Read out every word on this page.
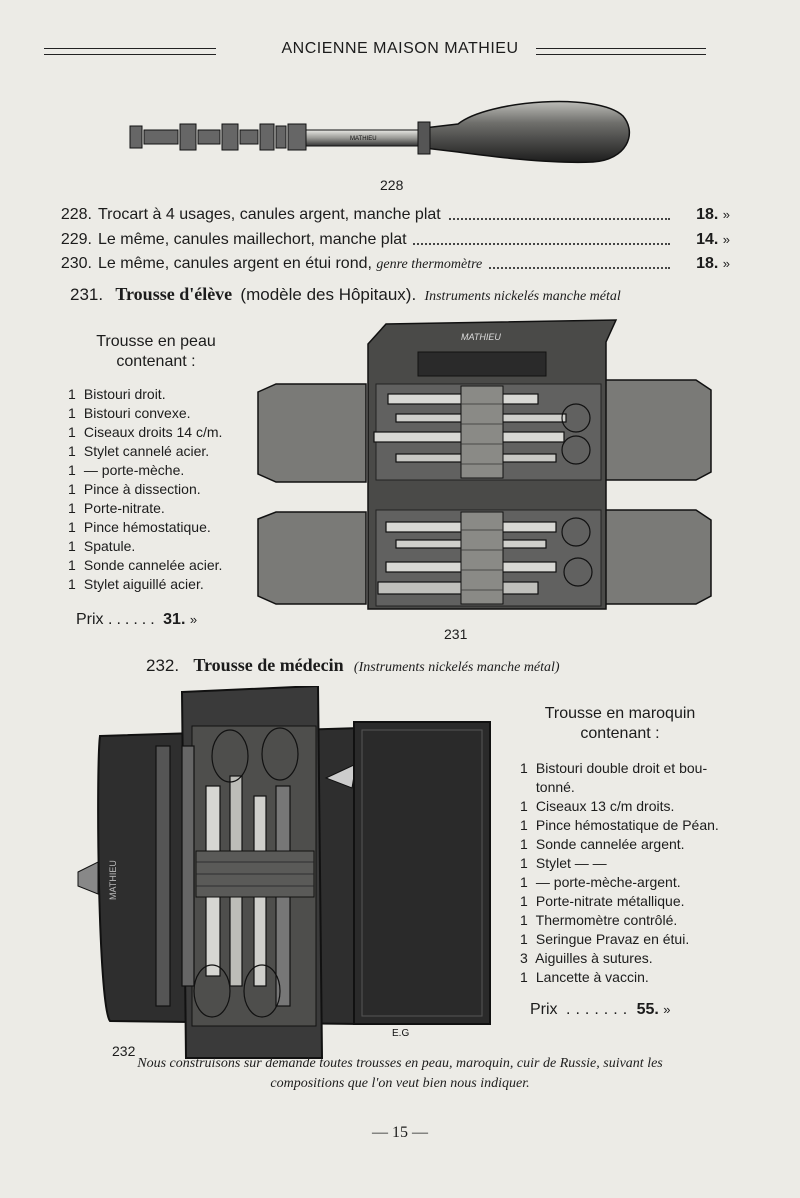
ANCIENNE MAISON MATHIEU
MATHIEU
228
228. Trocart à 4 usages, canules argent, manche plat	18. »
229. Le même, canules maillechort, manche plat	14. »
230. Le même, canules argent en étui rond, genre thermomètre	18. »
231. Trousse d'élève (modèle des Hôpitaux). Instruments nickelés manche métal
Trousse en peau
contenant :
1 Bistouri droit.
1 Bistouri convexe.
1 Ciseaux droits 14 c/m.
1 Stylet cannelé acier.
1 — porte-mèche.
1 Pince à dissection.
1 Porte-nitrate.
1 Pince hémostatique.
1 Spatule.
1 Sonde cannelée acier.
1 Stylet aiguillé acier.
Prix ...... 31. »
MATHIEU
231
232. Trousse de médecin (Instruments nickelés manche métal)
MATHIEU
E.G
232
Trousse en maroquin
contenant :
1 Bistouri double droit et bou-
tonné.
1 Ciseaux 13 c/m droits.
1 Pince hémostatique de Péan.
1 Sonde cannelée argent.
1 Stylet — —
1 — porte-mèche-argent.
1 Porte-nitrate métallique.
1 Thermomètre contrôlé.
1 Seringue Pravaz en étui.
3 Aiguilles à sutures.
1 Lancette à vaccin.
Prix ....... 55. »
Nous construisons sur demande toutes trousses en peau, maroquin, cuir de Russie, suivant les
compositions que l'on veut bien nous indiquer.
— 15 —
